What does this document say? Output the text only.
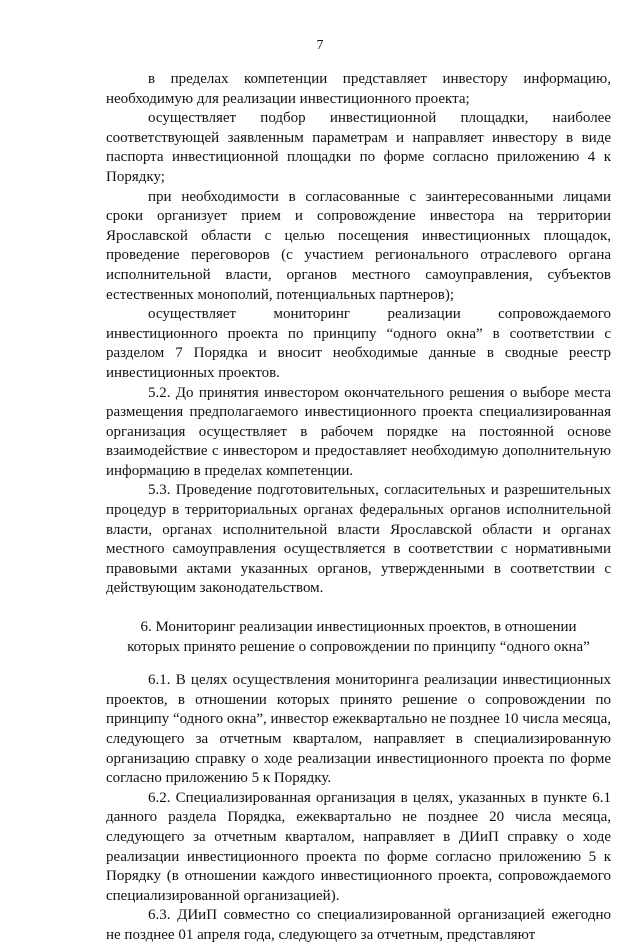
7

в пределах компетенции представляет инвестору информацию, необходимую для реализации инвестиционного проекта;

осуществляет подбор инвестиционной площадки, наиболее соответствующей заявленным параметрам и направляет инвестору в виде паспорта инвестиционной площадки по форме согласно приложению 4 к Порядку;

при необходимости в согласованные с заинтересованными лицами сроки организует прием и сопровождение инвестора на территории Ярославской области с целью посещения инвестиционных площадок, проведение переговоров (с участием регионального отраслевого органа исполнительной власти, органов местного самоуправления, субъектов естественных монополий, потенциальных партнеров);

осуществляет мониторинг реализации сопровождаемого инвестиционного проекта по принципу “одного окна” в соответствии с разделом 7 Порядка и вносит необходимые данные в сводные реестр инвестиционных проектов.

5.2. До принятия инвестором окончательного решения о выборе места размещения предполагаемого инвестиционного проекта специализированная организация осуществляет в рабочем порядке на постоянной основе взаимодействие с инвестором и предоставляет необходимую дополнительную информацию в пределах компетенции.

5.3. Проведение подготовительных, согласительных и разрешительных процедур в территориальных органах федеральных органов исполнительной власти, органах исполнительной власти Ярославской области и органах местного самоуправления осуществляется в соответствии с нормативными правовыми актами указанных органов, утвержденными в соответствии с действующим законодательством.

6. Мониторинг реализации инвестиционных проектов, в отношении которых принято решение о сопровождении по принципу “одного окна”

6.1. В целях осуществления мониторинга реализации инвестиционных проектов, в отношении которых принято решение о сопровождении по принципу “одного окна”, инвестор ежеквартально не позднее 10 числа месяца, следующего за отчетным кварталом, направляет в специализированную организацию справку о ходе реализации инвестиционного проекта по форме согласно приложению 5 к Порядку.

6.2. Специализированная организация в целях, указанных в пункте 6.1 данного раздела Порядка, ежеквартально не позднее 20 числа месяца, следующего за отчетным кварталом, направляет в ДИиП справку о ходе реализации инвестиционного проекта по форме согласно приложению 5 к Порядку (в отношении каждого инвестиционного проекта, сопровождаемого специализированной организацией).

6.3. ДИиП совместно со специализированной организацией ежегодно не позднее 01 апреля года, следующего за отчетным, представляют
